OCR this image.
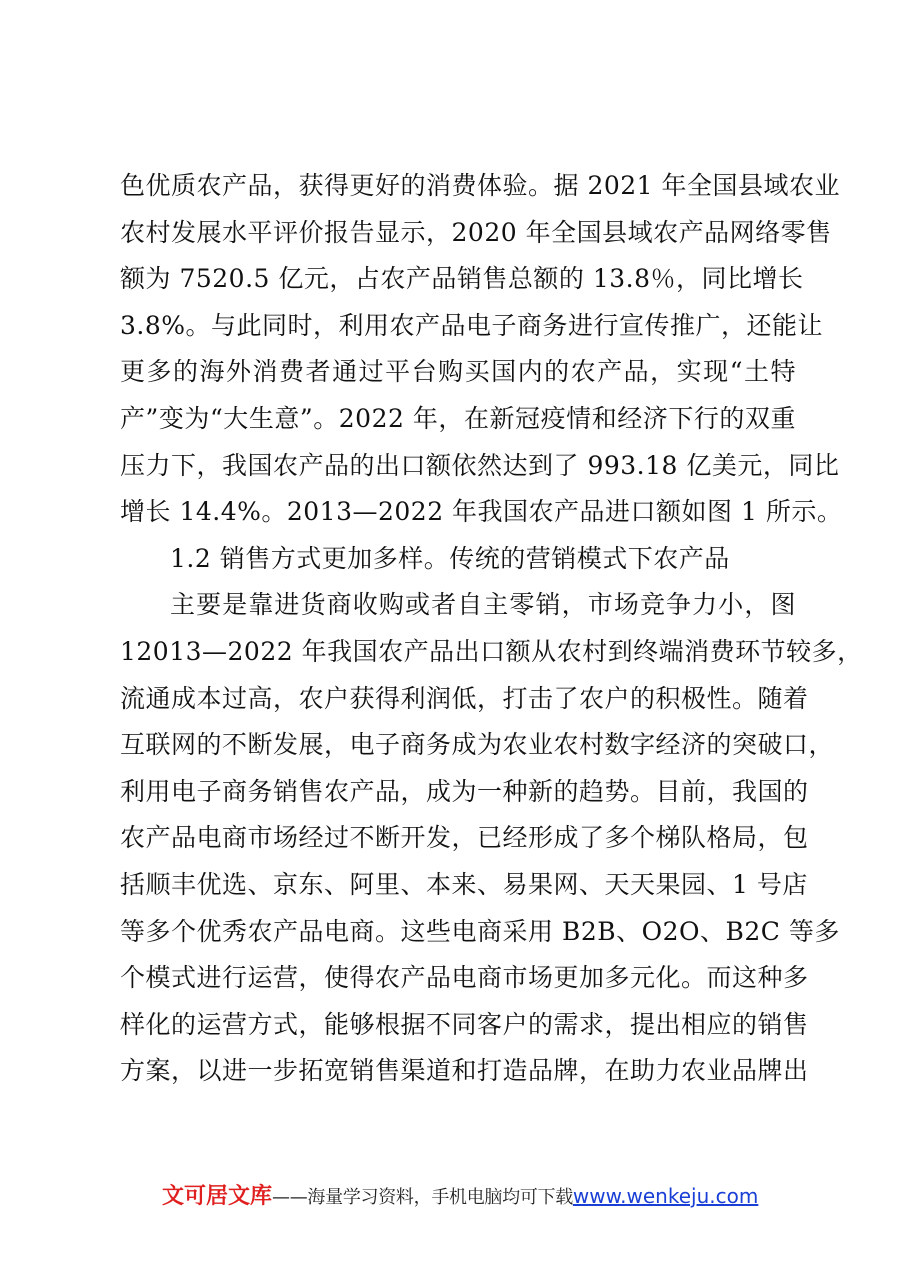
色优质农产品，获得更好的消费体验。据 2021 年全国县域农业
农村发展水平评价报告显示，2020 年全国县域农产品网络零售
额为 7520.5 亿元，占农产品销售总额的 13.8％，同比增长
3.8%。与此同时，利用农产品电子商务进行宣传推广，还能让
更多的海外消费者通过平台购买国内的农产品，实现“土特
产”变为“大生意”。2022 年，在新冠疫情和经济下行的双重
压力下，我国农产品的出口额依然达到了 993.18 亿美元，同比
增长 14.4%。2013—2022 年我国农产品进口额如图 1 所示。
1.2 销售方式更加多样。传统的营销模式下农产品
主要是靠进货商收购或者自主零销，市场竞争力小，图
12013—2022 年我国农产品出口额从农村到终端消费环节较多，
流通成本过高，农户获得利润低，打击了农户的积极性。随着
互联网的不断发展，电子商务成为农业农村数字经济的突破口，
利用电子商务销售农产品，成为一种新的趋势。目前，我国的
农产品电商市场经过不断开发，已经形成了多个梯队格局，包
括顺丰优选、京东、阿里、本来、易果网、天天果园、1 号店
等多个优秀农产品电商。这些电商采用 B2B、O2O、B2C 等多
个模式进行运营，使得农产品电商市场更加多元化。而这种多
样化的运营方式，能够根据不同客户的需求，提出相应的销售
方案，以进一步拓宽销售渠道和打造品牌，在助力农业品牌出
文可居文库——海量学习资料，手机电脑均可下载www.wenkeju.com
